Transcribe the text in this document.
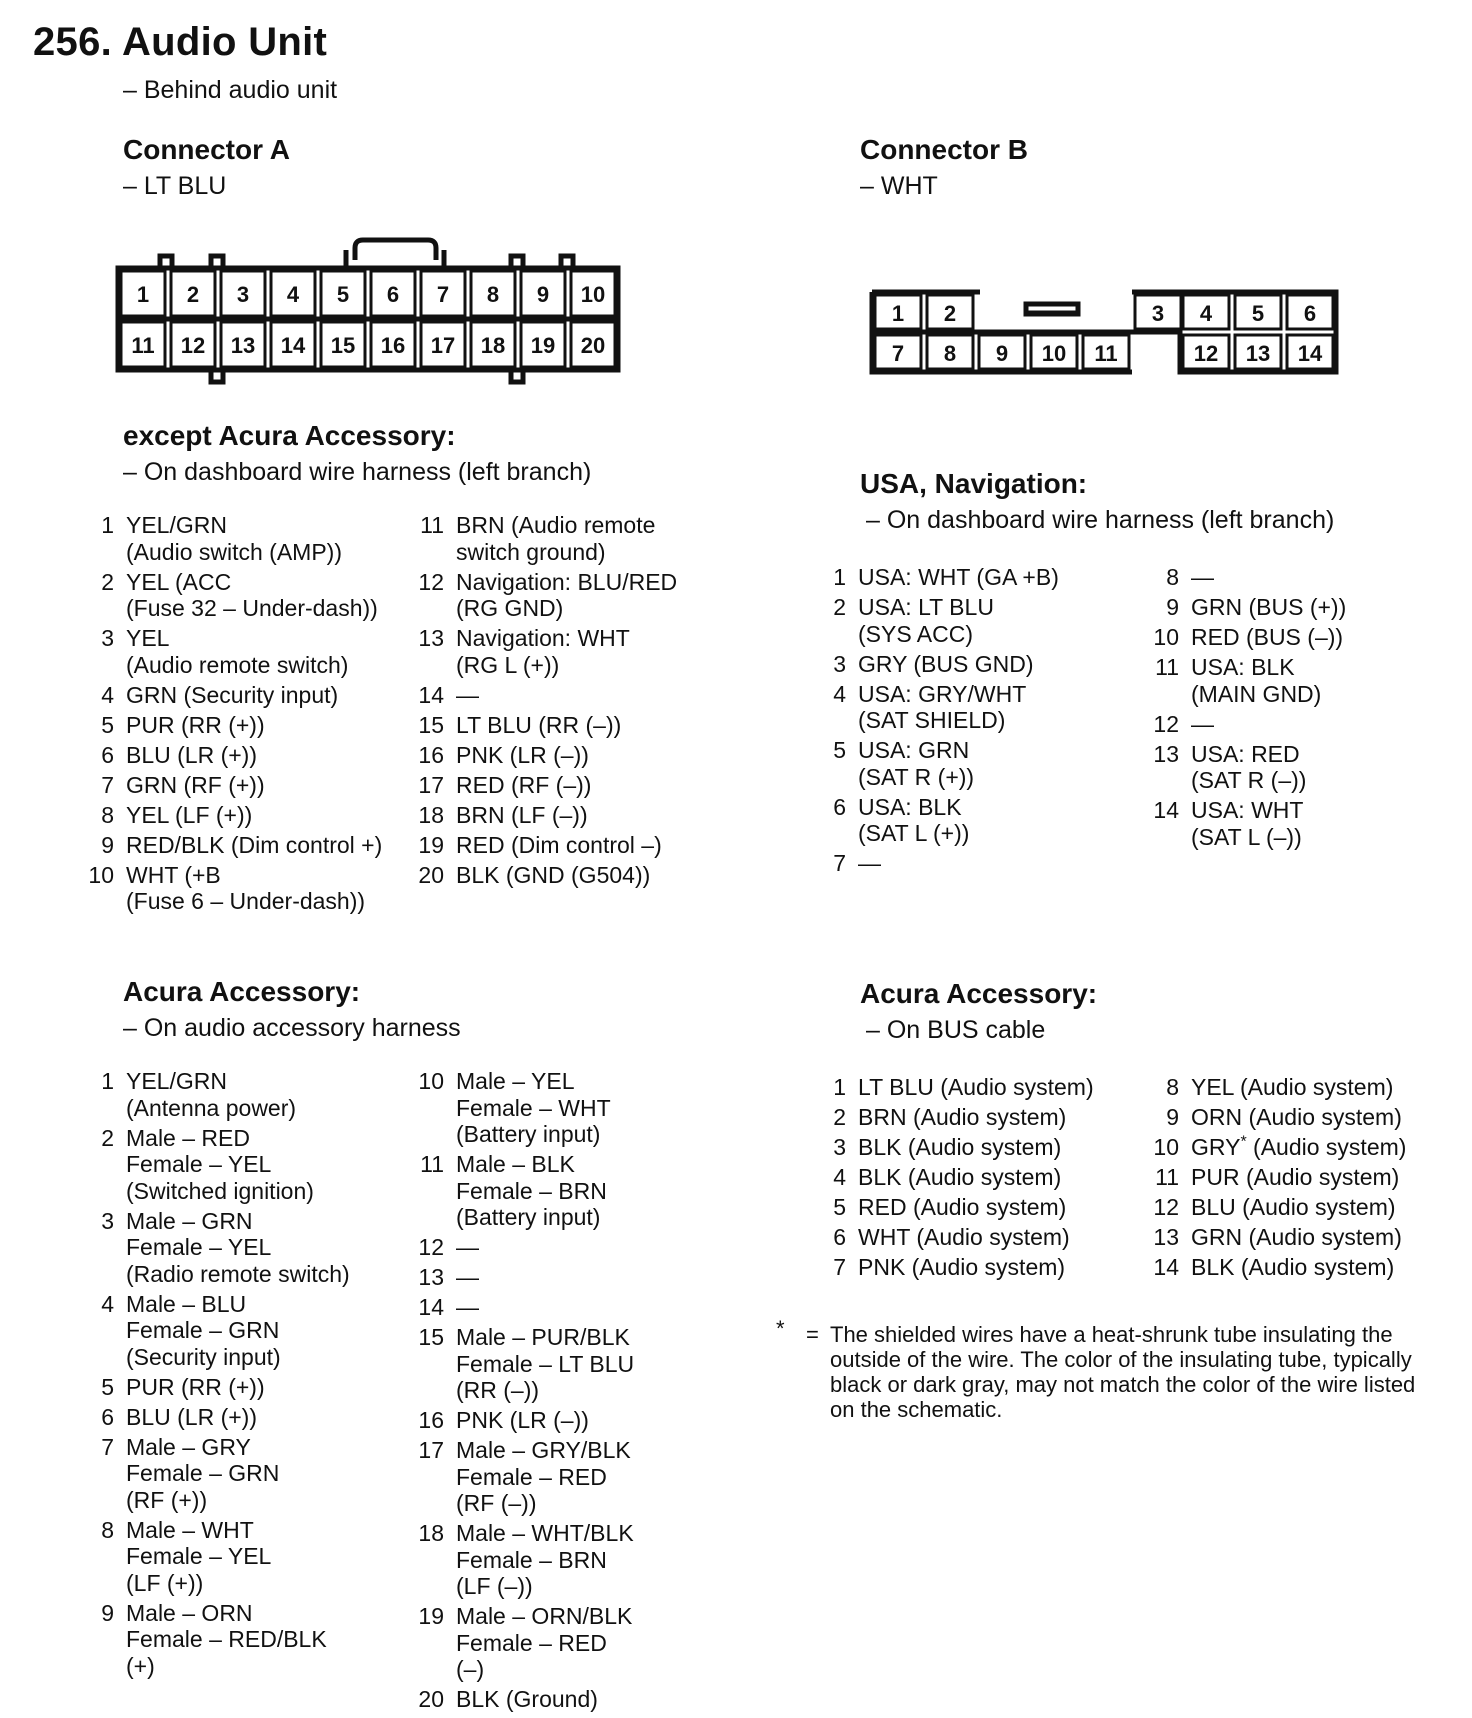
256. Audio Unit
– Behind audio unit
Connector A
– LT BLU
Connector B
– WHT
1 2 3 4 5 6 7 8 9 10
11 12 13 14 15 16 17 18 19 20
1 2	3 4 5 6
7 8 9 10 11	12 13 14
except Acura Accessory:
– On dashboard wire harness (left branch)
1 YEL/GRN
(Audio switch (AMP))
2 YEL (ACC
(Fuse 32 – Under-dash))
3 YEL
(Audio remote switch)
4 GRN (Security input)
5 PUR (RR (+))
6 BLU (LR (+))
7 GRN (RF (+))
8 YEL (LF (+))
9 RED/BLK (Dim control +)
10 WHT (+B
(Fuse 6 – Under-dash))
11 BRN (Audio remote
switch ground)
12 Navigation: BLU/RED
(RG GND)
13 Navigation: WHT
(RG L (+))
14 —
15 LT BLU (RR (–))
16 PNK (LR (–))
17 RED (RF (–))
18 BRN (LF (–))
19 RED (Dim control –)
20 BLK (GND (G504))
USA, Navigation:
– On dashboard wire harness (left branch)
1 USA: WHT (GA +B)
2 USA: LT BLU
(SYS ACC)
3 GRY (BUS GND)
4 USA: GRY/WHT
(SAT SHIELD)
5 USA: GRN
(SAT R (+))
6 USA: BLK
(SAT L (+))
7 —
8 —
9 GRN (BUS (+))
10 RED (BUS (–))
11 USA: BLK
(MAIN GND)
12 —
13 USA: RED
(SAT R (–))
14 USA: WHT
(SAT L (–))
Acura Accessory:
– On audio accessory harness
1 YEL/GRN
(Antenna power)
2 Male – RED
Female – YEL
(Switched ignition)
3 Male – GRN
Female – YEL
(Radio remote switch)
4 Male – BLU
Female – GRN
(Security input)
5 PUR (RR (+))
6 BLU (LR (+))
7 Male – GRY
Female – GRN
(RF (+))
8 Male – WHT
Female – YEL
(LF (+))
9 Male – ORN
Female – RED/BLK
(+)
10 Male – YEL
Female – WHT
(Battery input)
11 Male – BLK
Female – BRN
(Battery input)
12 —
13 —
14 —
15 Male – PUR/BLK
Female – LT BLU
(RR (–))
16 PNK (LR (–))
17 Male – GRY/BLK
Female – RED
(RF (–))
18 Male – WHT/BLK
Female – BRN
(LF (–))
19 Male – ORN/BLK
Female – RED
(–)
20 BLK (Ground)
Acura Accessory:
– On BUS cable
1 LT BLU (Audio system)
2 BRN (Audio system)
3 BLK (Audio system)
4 BLK (Audio system)
5 RED (Audio system)
6 WHT (Audio system)
7 PNK (Audio system)
8 YEL (Audio system)
9 ORN (Audio system)
10 GRY* (Audio system)
11 PUR (Audio system)
12 BLU (Audio system)
13 GRN (Audio system)
14 BLK (Audio system)
* = The shielded wires have a heat-shrunk tube insulating the outside of the wire. The color of the insulating tube, typically black or dark gray, may not match the color of the wire listed on the schematic.
